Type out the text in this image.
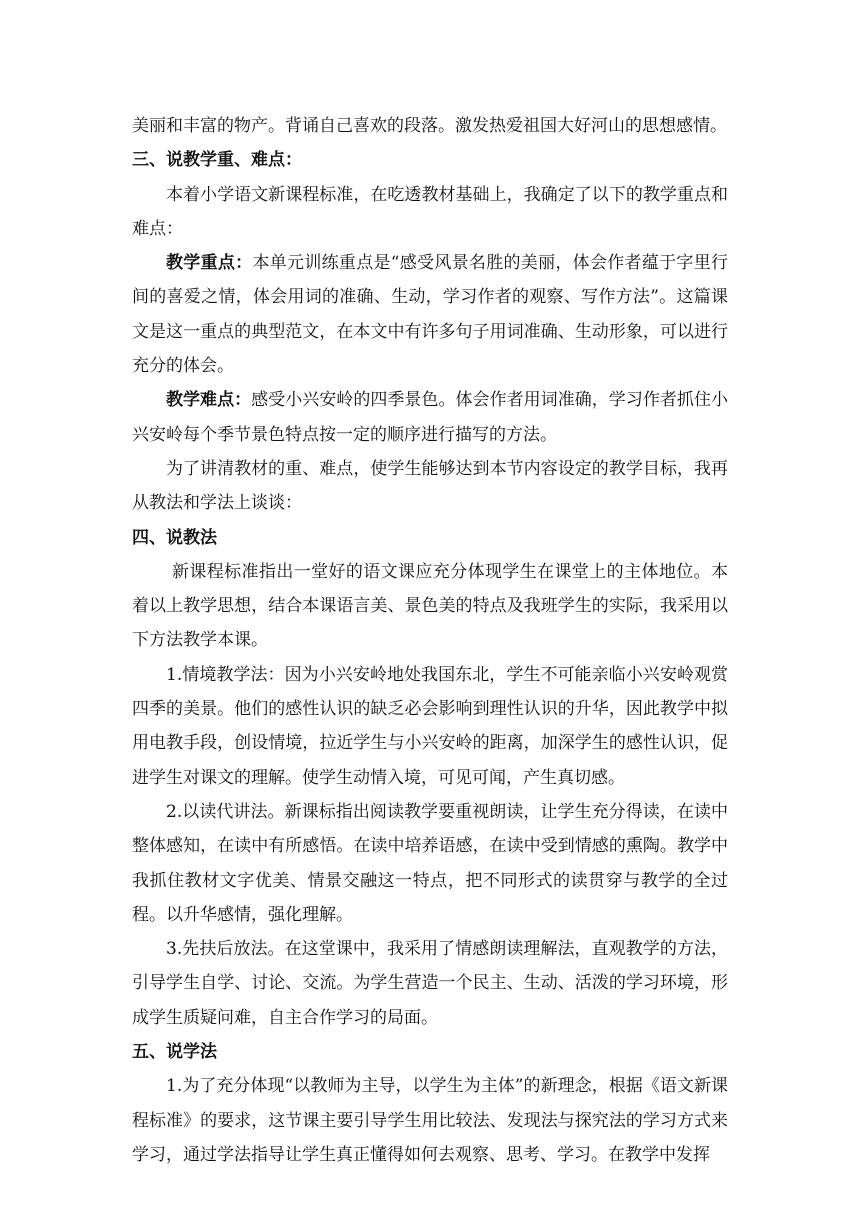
美丽和丰富的物产。背诵自己喜欢的段落。激发热爱祖国大好河山的思想感情。

三、说教学重、难点：

本着小学语文新课程标准，在吃透教材基础上，我确定了以下的教学重点和难点：

教学重点：本单元训练重点是“感受风景名胜的美丽，体会作者蕴于字里行间的喜爱之情，体会用词的准确、生动，学习作者的观察、写作方法”。这篇课文是这一重点的典型范文，在本文中有许多句子用词准确、生动形象，可以进行充分的体会。

教学难点：感受小兴安岭的四季景色。体会作者用词准确，学习作者抓住小兴安岭每个季节景色特点按一定的顺序进行描写的方法。

为了讲清教材的重、难点，使学生能够达到本节内容设定的教学目标，我再从教法和学法上谈谈：

四、说教法

新课程标准指出一堂好的语文课应充分体现学生在课堂上的主体地位。本着以上教学思想，结合本课语言美、景色美的特点及我班学生的实际，我采用以下方法教学本课。

1.情境教学法：因为小兴安岭地处我国东北，学生不可能亲临小兴安岭观赏四季的美景。他们的感性认识的缺乏必会影响到理性认识的升华，因此教学中拟用电教手段，创设情境，拉近学生与小兴安岭的距离，加深学生的感性认识，促进学生对课文的理解。使学生动情入境，可见可闻，产生真切感。

2.以读代讲法。新课标指出阅读教学要重视朗读，让学生充分得读，在读中整体感知，在读中有所感悟。在读中培养语感，在读中受到情感的熏陶。教学中我抓住教材文字优美、情景交融这一特点，把不同形式的读贯穿与教学的全过程。以升华感情，强化理解。

3.先扶后放法。在这堂课中，我采用了情感朗读理解法，直观教学的方法，引导学生自学、讨论、交流。为学生营造一个民主、生动、活泼的学习环境，形成学生质疑问难，自主合作学习的局面。

五、说学法

1.为了充分体现“以教师为主导，以学生为主体”的新理念，根据《语文新课程标准》的要求，这节课主要引导学生用比较法、发现法与探究法的学习方式来学习，通过学法指导让学生真正懂得如何去观察、思考、学习。在教学中发挥
